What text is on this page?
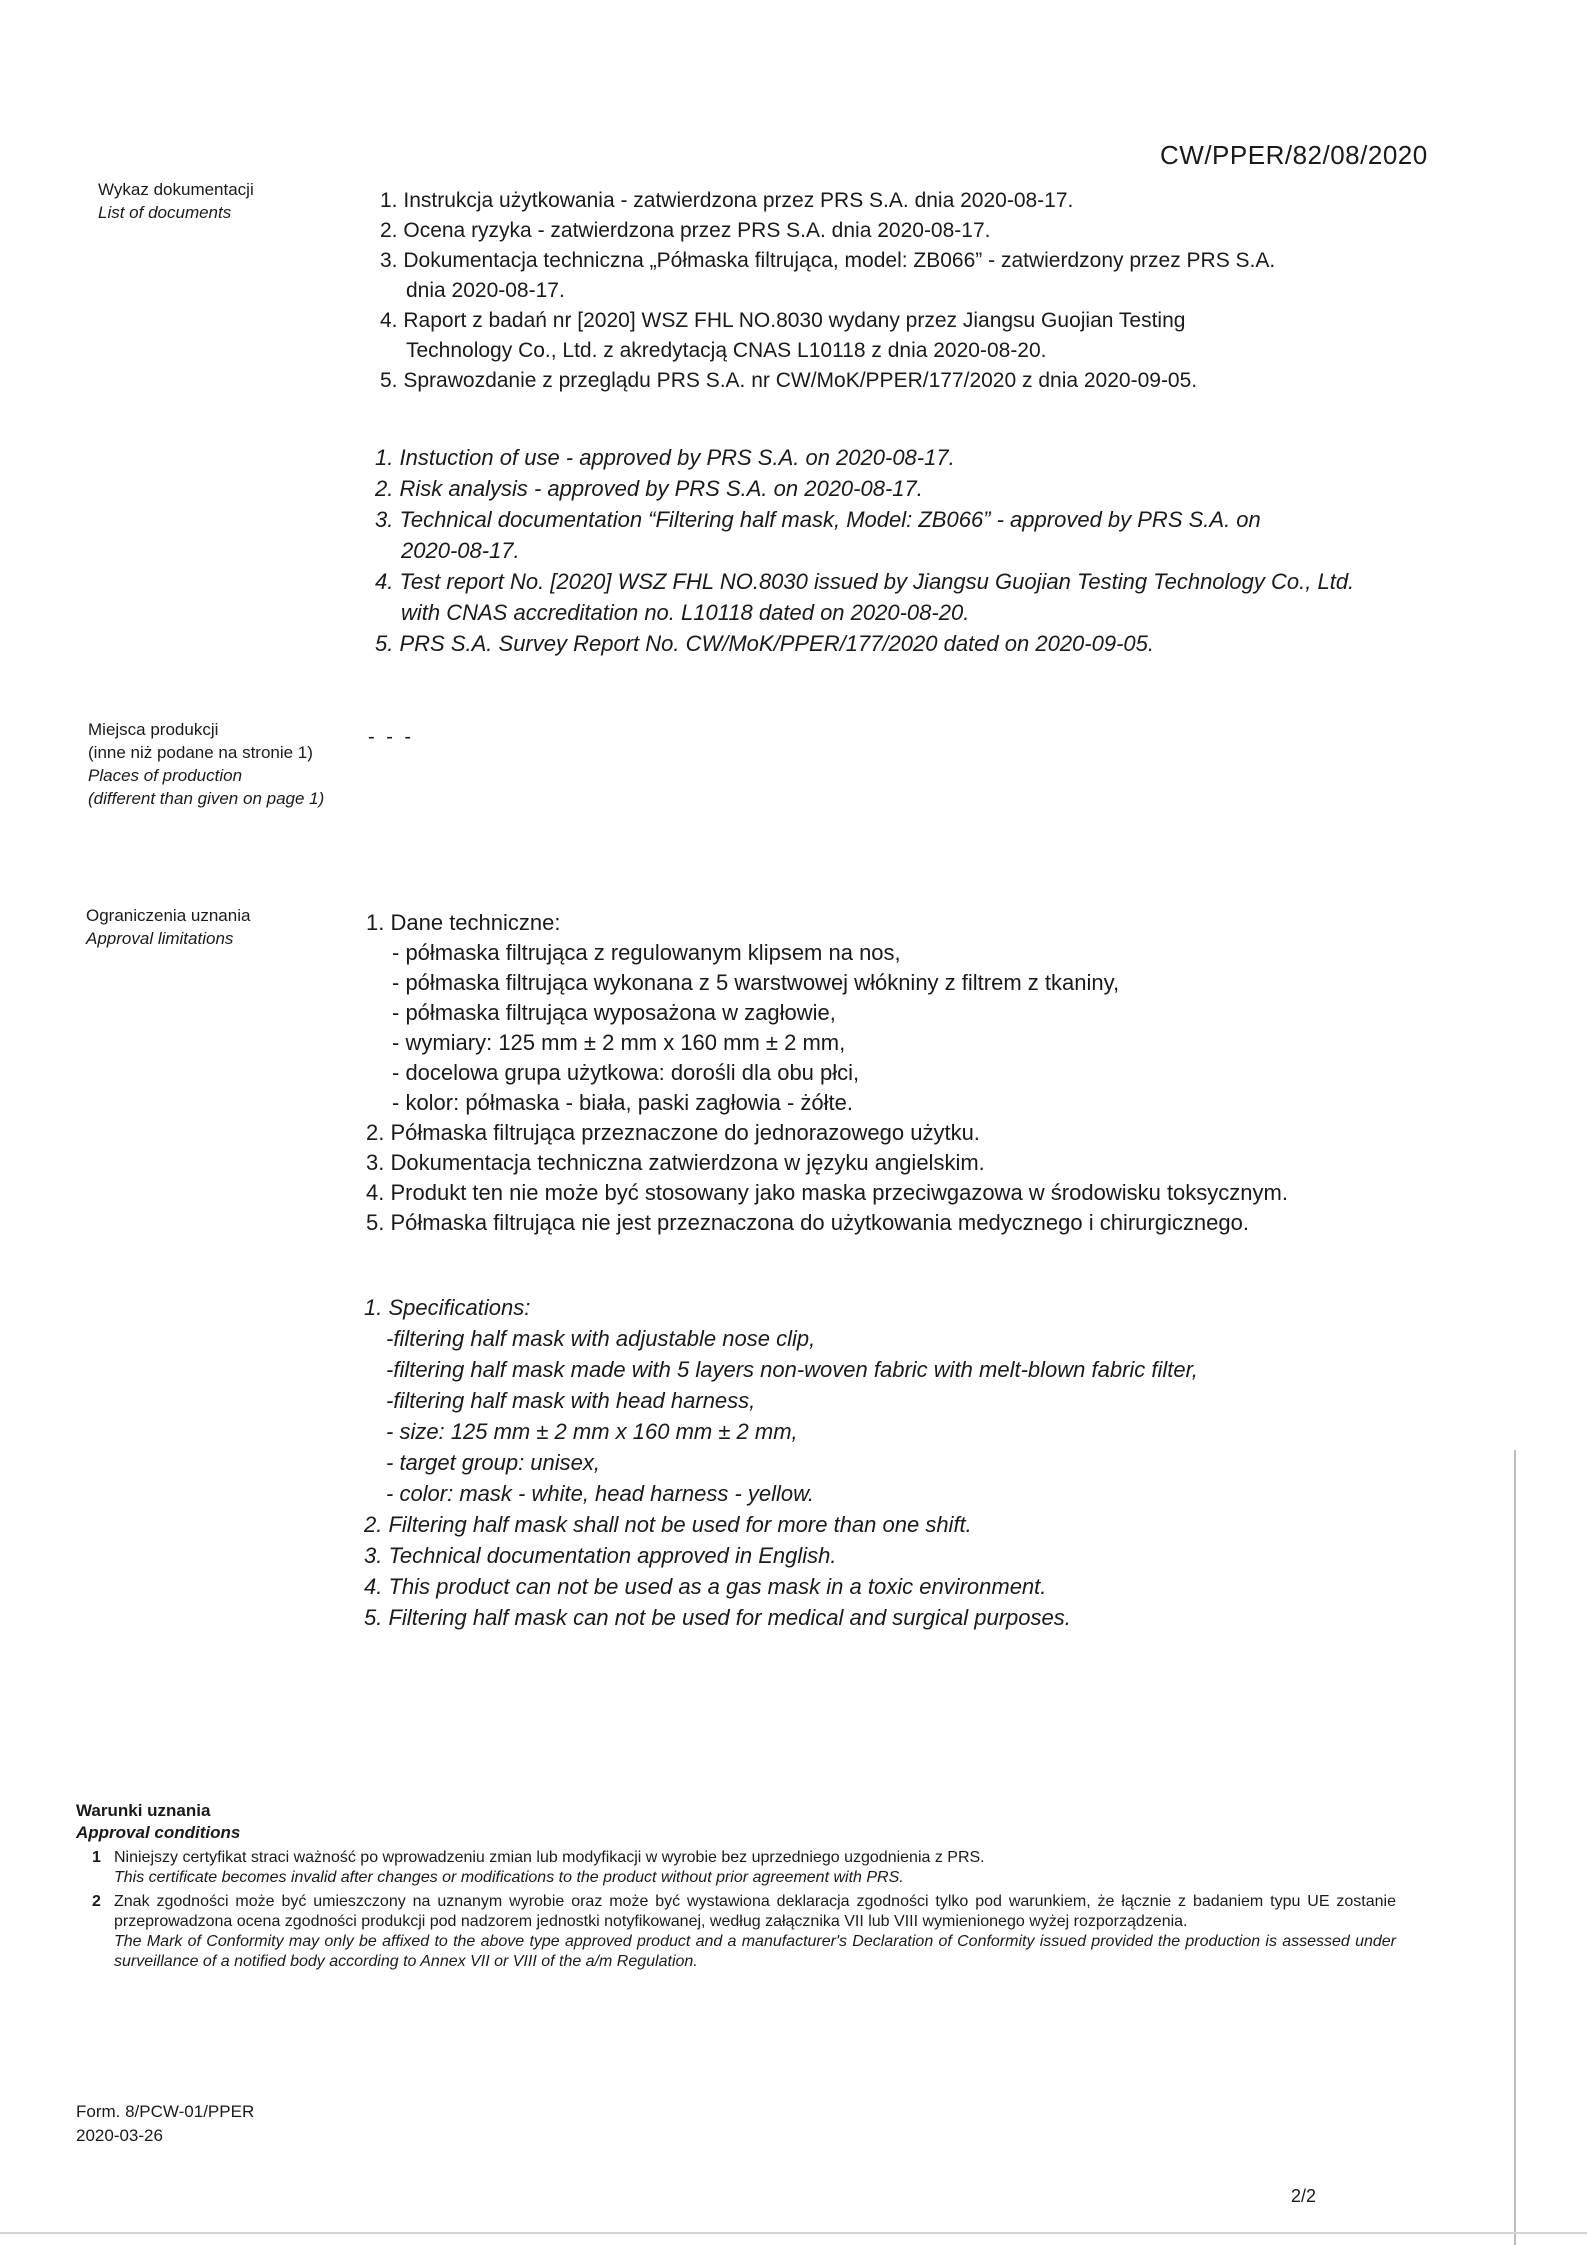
CW/PPER/82/08/2020
Wykaz dokumentacji
List of documents
1. Instrukcja użytkowania - zatwierdzona przez PRS S.A. dnia 2020-08-17.
2. Ocena ryzyka - zatwierdzona przez PRS S.A. dnia 2020-08-17.
3. Dokumentacja techniczna „Półmaska filtrująca, model: ZB066” - zatwierdzony przez PRS S.A.
dnia 2020-08-17.
4. Raport z badań nr [2020] WSZ FHL NO.8030 wydany przez Jiangsu Guojian Testing
Technology Co., Ltd. z akredytacją CNAS L10118 z dnia 2020-08-20.
5. Sprawozdanie z przeglądu PRS S.A. nr CW/MoK/PPER/177/2020 z dnia 2020-09-05.
1. Instuction of use - approved by PRS S.A. on 2020-08-17.
2. Risk analysis - approved by PRS S.A. on 2020-08-17.
3. Technical documentation “Filtering half mask, Model: ZB066” - approved by PRS S.A. on
2020-08-17.
4. Test report No. [2020] WSZ FHL NO.8030 issued by Jiangsu Guojian Testing Technology Co., Ltd.
with CNAS accreditation no. L10118 dated on 2020-08-20.
5. PRS S.A. Survey Report No. CW/MoK/PPER/177/2020 dated on 2020-09-05.
Miejsca produkcji
(inne niż podane na stronie 1)
Places of production
(different than given on page 1)
- - -
Ograniczenia uznania
Approval limitations
1. Dane techniczne:
- półmaska filtrująca z regulowanym klipsem na nos,
- półmaska filtrująca wykonana z 5 warstwowej włókniny z filtrem z tkaniny,
- półmaska filtrująca wyposażona w zagłowie,
- wymiary: 125 mm ± 2 mm x 160 mm ± 2 mm,
- docelowa grupa użytkowa: dorośli dla obu płci,
- kolor: półmaska - biała, paski zagłowia - żółte.
2. Półmaska filtrująca przeznaczone do jednorazowego użytku.
3. Dokumentacja techniczna zatwierdzona w języku angielskim.
4. Produkt ten nie może być stosowany jako maska przeciwgazowa w środowisku toksycznym.
5. Półmaska filtrująca nie jest przeznaczona do użytkowania medycznego i chirurgicznego.
1. Specifications:
-filtering half mask with adjustable nose clip,
-filtering half mask made with 5 layers non-woven fabric with melt-blown fabric filter,
-filtering half mask with head harness,
- size: 125 mm ± 2 mm x 160 mm ± 2 mm,
- target group: unisex,
- color: mask - white, head harness - yellow.
2. Filtering half mask shall not be used for more than one shift.
3. Technical documentation approved in English.
4. This product can not be used as a gas mask in a toxic environment.
5. Filtering half mask can not be used for medical and surgical purposes.
Warunki uznania
Approval conditions
1 Niniejszy certyfikat straci ważność po wprowadzeniu zmian lub modyfikacji w wyrobie bez uprzedniego uzgodnienia z PRS.
This certificate becomes invalid after changes or modifications to the product without prior agreement with PRS.
2 Znak zgodności może być umieszczony na uznanym wyrobie oraz może być wystawiona deklaracja zgodności tylko pod warunkiem, że łącznie z badaniem typu UE zostanie przeprowadzona ocena zgodności produkcji pod nadzorem jednostki notyfikowanej, według załącznika VII lub VIII wymienionego wyżej rozporządzenia.
The Mark of Conformity may only be affixed to the above type approved product and a manufacturer's Declaration of Conformity issued provided the production is assessed under surveillance of a notified body according to Annex VII or VIII of the a/m Regulation.
Form. 8/PCW-01/PPER
2020-03-26
2/2
